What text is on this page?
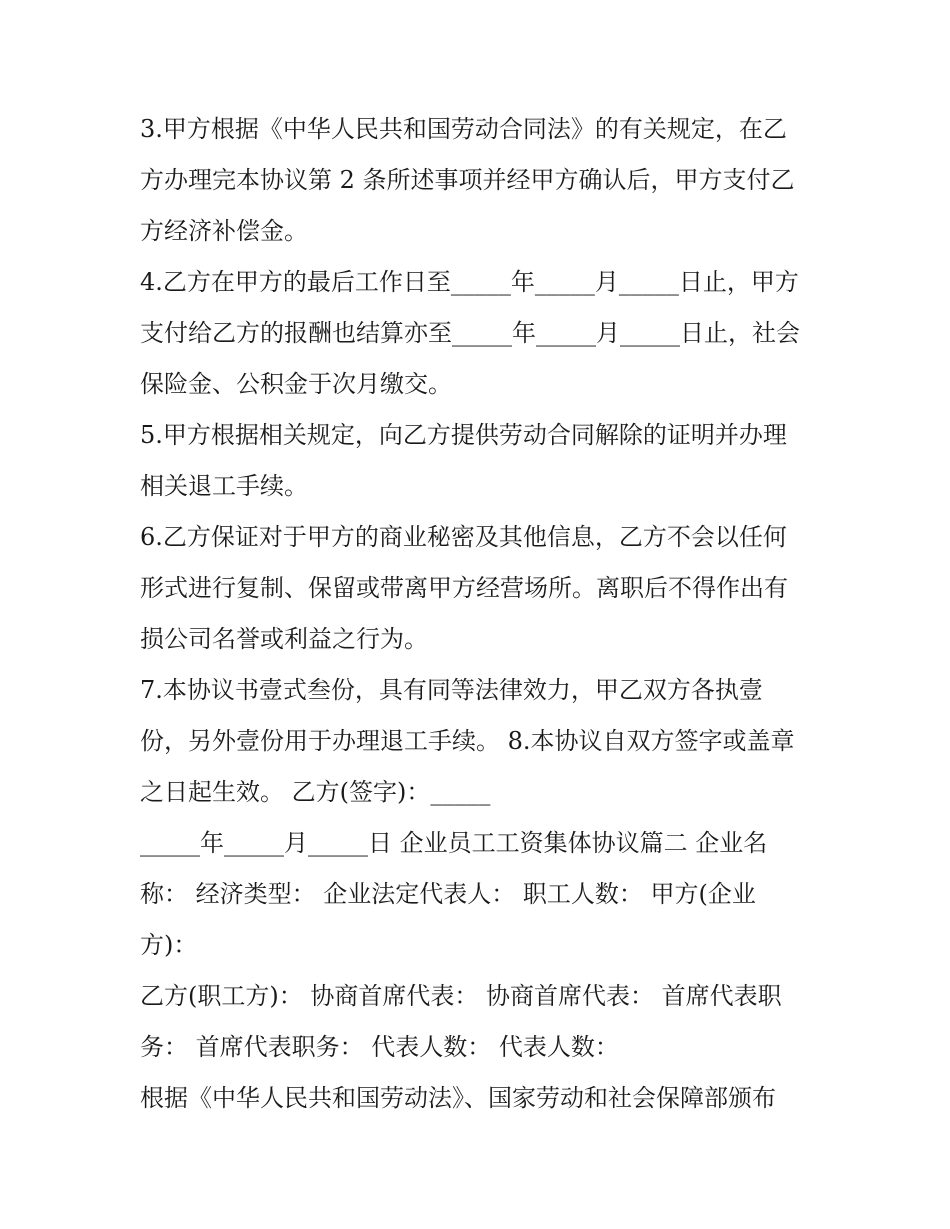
3.甲方根据《中华人民共和国劳动合同法》的有关规定，在乙
方办理完本协议第 2 条所述事项并经甲方确认后，甲方支付乙
方经济补偿金。
4.乙方在甲方的最后工作日至_____年_____月_____日止，甲方
支付给乙方的报酬也结算亦至_____年_____月_____日止，社会
保险金、公积金于次月缴交。
5.甲方根据相关规定，向乙方提供劳动合同解除的证明并办理
相关退工手续。
6.乙方保证对于甲方的商业秘密及其他信息，乙方不会以任何
形式进行复制、保留或带离甲方经营场所。离职后不得作出有
损公司名誉或利益之行为。
7.本协议书壹式叁份，具有同等法律效力，甲乙双方各执壹
份，另外壹份用于办理退工手续。 8.本协议自双方签字或盖章
之日起生效。 乙方(签字)：_____
_____年_____月_____日 企业员工工资集体协议篇二 企业名
称： 经济类型： 企业法定代表人： 职工人数： 甲方(企业
方)：
乙方(职工方)： 协商首席代表： 协商首席代表： 首席代表职
务： 首席代表职务： 代表人数： 代表人数：
根据《中华人民共和国劳动法》、国家劳动和社会保障部颁布
